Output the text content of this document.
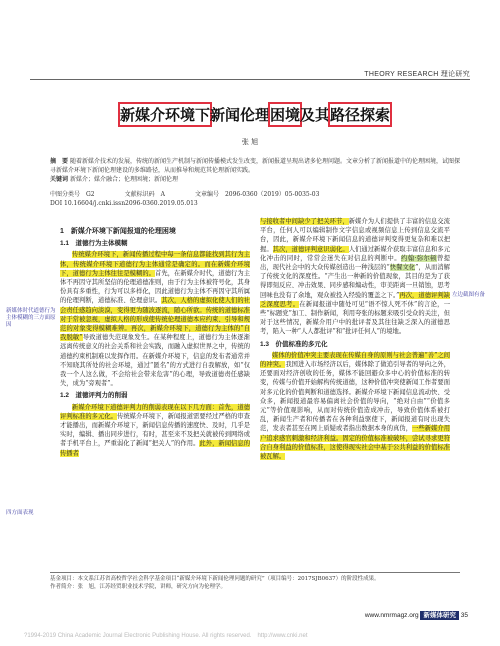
THEORY RESEARCH 理论研究
新媒介环境下新闻伦理困境及其路径探索
张 旭
摘　要 随着新媒介技术的发展，传统的新闻生产机制与新闻传播模式发生改变，新闻报道呈现出诸多伦理问题。文章分析了新闻报道中的伦理困境，试图探寻新媒介环境下新闻伦理建设的多维路径，从而推导和规范其伦理新闻实践。
关键词 新媒介；媒介融合；伦理困境；新闻伦理
中图分类号　G2	文献标识码　A	文章编号　2096-0360（2019）05-0035-03
DOI 10.16604/j.cnki.issn2096-0360.2019.05.013
1　新媒介环境下新闻报道的伦理困境
1.1　道德行为主体模糊

传统媒介环境下，新闻传播过程中每一条信息都能找到其行为主体，传统媒介环境下道德行为主体通常是确定的。而在新媒介环境下，道德行为主体往往是模糊的。首先，在新媒介时代，道德行为主体不再因守其所坚信的伦理道德准则，由于行为主体被符号化，其身份具有多重性，行为可以多样化，因此道德行为主体不再因守其所属的伦理判断，道德标准、伦理意识。其次，人格的虚拟化使人们的社会责任感趋向淡漠，变得更为随波逐流，随心所欲。传统的道德标准对于常被忽视，虚拟人格的形成使传统伦理道德本应约束、引导和规范的对象变得模糊难辨。再次，新媒介环境下，道德行为主体的“自我脱敏”导致道德失范现象发生。在某种程度上，道德行为主体逐渐远离传统意义的社会关系和社会实践，而融入虚拟世界之中，传统的道德约束机制难以发挥作用。在新媒介环境下，信息的发布者通常并不知晓其所处的社会环境，通过“匿名”的方式进行自我解放，如“仅我一个人这么做，不会给社会带来危害”的心理，导致道德责任感缺失，成为“旁观者”。

1.2　道德评判力的削弱

新媒介环境下道德评判力的削弱表现在以下几方面：首先，道德评判标准的多元化。传统媒介环境下，新闻报道需要经过严格的审查才能播出，而新媒介环境下，新闻信息传播的速度快、及时，几乎是实时，编辑、播出同步进行，有时，甚至来不及把关就被传到网络或者手机平台上，严重弱化了新闻“把关人”的作用。此外，新闻信息的传播者

与接收者中间缺少了把关环节，新媒介为人们提供了丰富的信息交流平台，任何人可以编辑制作文字信息或视频信息上传到信息交流平台，因此，新媒介环境下新闻信息的道德评判变得更复杂和难以把握。其次，道德评判意识弱化。人们通过新媒介获取丰富信息和多元化冲击的同时，常常会迷失在对信息的判断中。约翰·弥尔顿曾提出，现代社会中的大众传媒创造出一种浅层的“快餐文化”，从而消解了传统文化的深度性。“产生出一种新的价值现象，其目的是为了获得即刻反应、冲击效果、同步感和煽动性，审美距离一旦销蚀，思考回味也没有了余地，观众被投入经验的覆盖之下。”再次，道德评判缺乏深度思考。在新闻报道中随处可见“语不惊人死不休”的言论，一些“标题党”加工、制作新闻，利用夸张的标题来吸引受众的关注，但对于这些情况，新媒介用户中的批评者及其往往缺乏深入的道德思考，陷入一种“人人都批评”和“批评任何人”的境地。

1.3　价值标准的多元化

媒体的价值冲突主要表现在传媒自身的原则与社会普遍“善”之间的冲突。我国进入市场经济以后，媒体除了做追引导者的导向之外，还要面对经济创收的任务，媒体不能回避众多中心的价值标准的转变，传媒与价值开始解构传统道德，这种价值冲突使新闻工作者要面对多元化的价值判断和道德选择。新媒介环境下新闻信息流动快、受众多，新闻报道最容易偏离社会价值的导向，“绝对自由”“价值多元”等价值观影响，从而对传统价值造成冲击，导致价值体系被打乱，新闻生产者和传播者在各种利益驱使下，新闻报道有时出现失范，发表者甚至在网上质疑或者指出数据本身的真伪，一些新媒介用户追求感官刺激和经济利益。固定的价值标准被破坏，尝试寻求更符合自身利益的价值标准，这使得现实社会中基于公共利益的价值标准被瓦解。

新媒体时代道德行为主体模糊的三方面原因
四方面表现
左边截图有备
基金项目：本文系江苏省高校哲学社会科学基金项目“新媒介环境下新闻伦理问题的研究”（项目编号：2017SJB0637）的阶段性成果。
作者简介：张　旭，江苏经贸职业技术学院，讲师，研究方向为伦理学。
www.nmrmagz.org 新媒体研究 35
?1994-2019 China Academic Journal Electronic Publishing House. All rights reserved.　http://www.cnki.net
